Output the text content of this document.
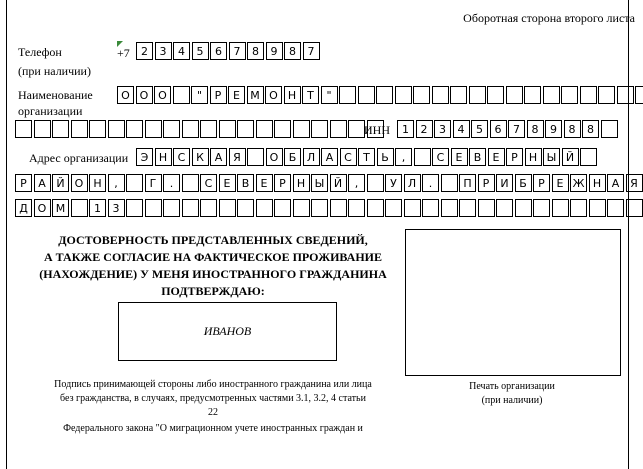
Оборотная сторона второго листа
Телефон
(при наличии)
+7	2	3	4	5	6	7	8	9	8	7
Наименование
организации
О О О	"	Р	Е М О Н Т	"
ИНН	1	2	3	4	5	6	7	8	9	8	8
Адрес организации	Э Н С К А Я	О Б Л А С	Т	Ь	,	С	Е	В	Е	Р	Н Ы Й
Р	А Й О Н	,	Г	.	С	Е	В	Е	Р	Н Ы Й	,	У	Л	.	П	Р	И Б	Р	Е Ж Н А Я
Д О М	1	3
ДОСТОВЕРНОСТЬ ПРЕДСТАВЛЕННЫХ СВЕДЕНИЙ,
А ТАКЖЕ СОГЛАСИЕ НА ФАКТИЧЕСКОЕ ПРОЖИВАНИЕ
(НАХОЖДЕНИЕ) У МЕНЯ ИНОСТРАННОГО ГРАЖДАНИНА
ПОДТВЕРЖДАЮ:
ИВАНОВ
Подпись принимающей стороны либо иностранного гражданина или лица
без гражданства, в случаях, предусмотренных частями 3.1, 3.2, 4 статьи
22
Федерального закона "О миграционном учете иностранных граждан и
Печать организации
(при наличии)
